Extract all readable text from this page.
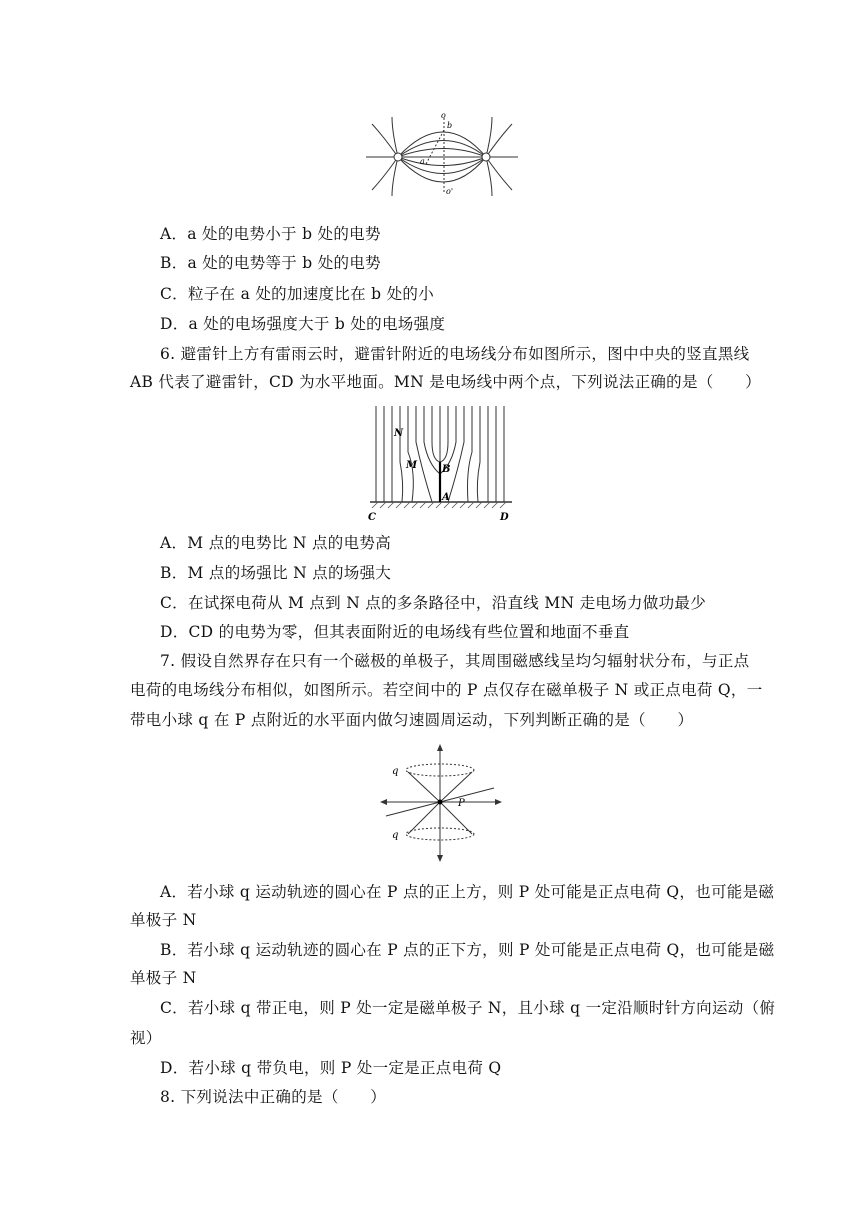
o
b
a
o'
A．a 处的电势小于 b 处的电势
B．a 处的电势等于 b 处的电势
C．粒子在 a 处的加速度比在 b 处的小
D．a 处的电场强度大于 b 处的电场强度
6. 避雷针上方有雷雨云时，避雷针附近的电场线分布如图所示，图中中央的竖直黑线
AB 代表了避雷针，CD 为水平地面。MN 是电场线中两个点，下列说法正确的是（　　）
N
M B
A
C	D
A．M 点的电势比 N 点的电势高
B．M 点的场强比 N 点的场强大
C．在试探电荷从 M 点到 N 点的多条路径中，沿直线 MN 走电场力做功最少
D．CD 的电势为零，但其表面附近的电场线有些位置和地面不垂直
7. 假设自然界存在只有一个磁极的单极子，其周围磁感线呈均匀辐射状分布，与正点
电荷的电场线分布相似，如图所示。若空间中的 P 点仅存在磁单极子 N 或正点电荷 Q，一
带电小球 q 在 P 点附近的水平面内做匀速圆周运动，下列判断正确的是（　　）
q
q
P
A．若小球 q 运动轨迹的圆心在 P 点的正上方，则 P 处可能是正点电荷 Q，也可能是磁
单极子 N
B．若小球 q 运动轨迹的圆心在 P 点的正下方，则 P 处可能是正点电荷 Q，也可能是磁
单极子 N
C．若小球 q 带正电，则 P 处一定是磁单极子 N，且小球 q 一定沿顺时针方向运动（俯
视）
D．若小球 q 带负电，则 P 处一定是正点电荷 Q
8. 下列说法中正确的是（　　）
